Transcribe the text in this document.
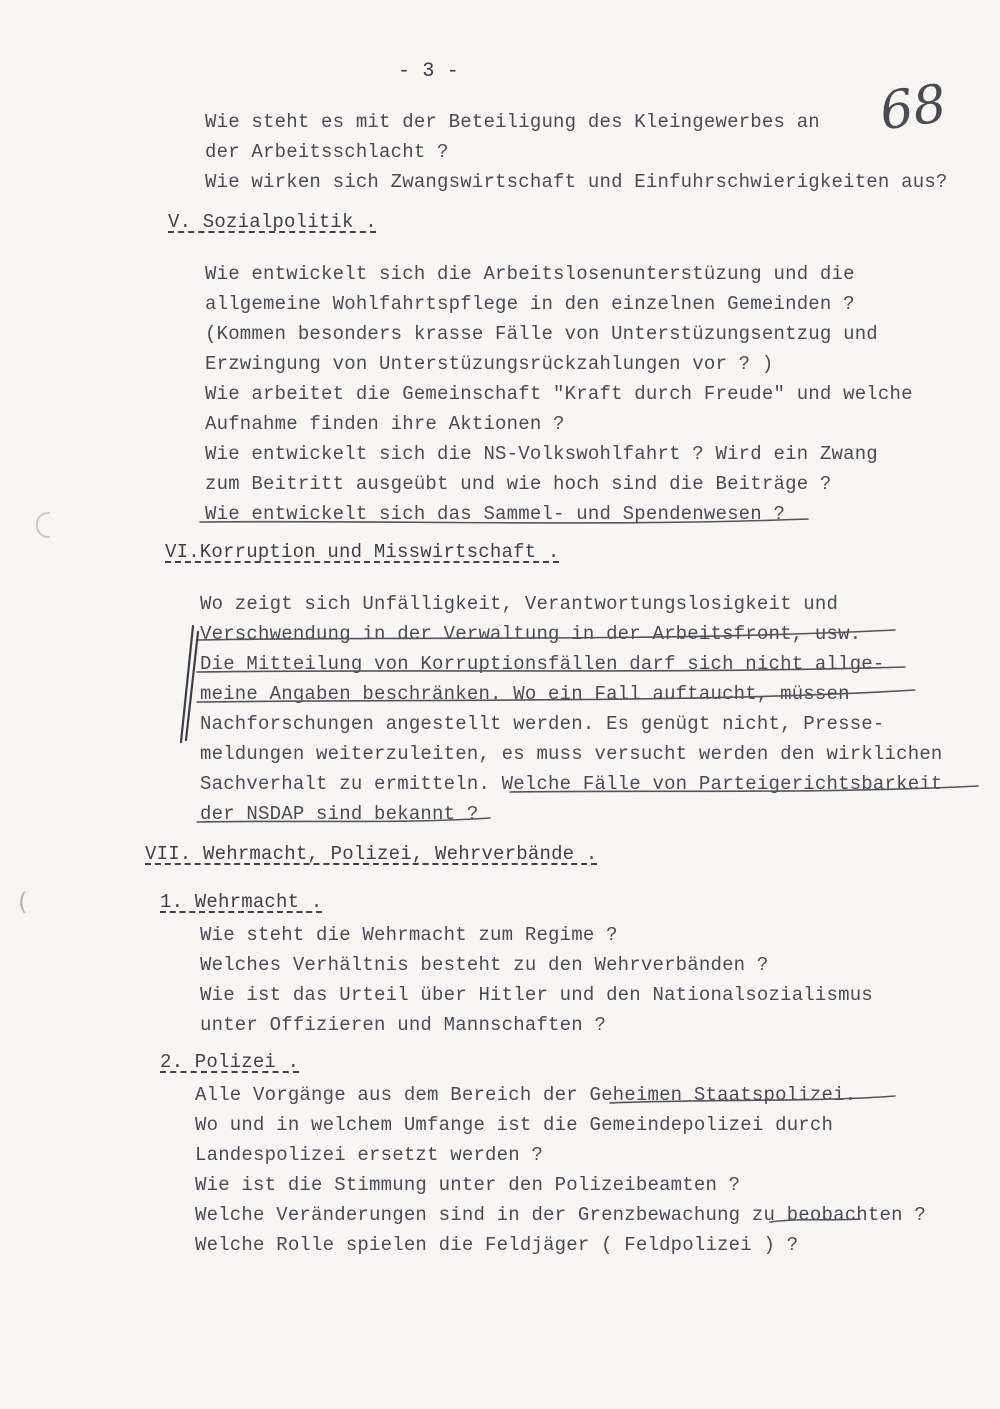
(
- 3 -
68
Wie steht es mit der Beteiligung des Kleingewerbes an
der Arbeitsschlacht ?
Wie wirken sich Zwangswirtschaft und Einfuhrschwierigkeiten aus?
V. Sozialpolitik .
Wie entwickelt sich die Arbeitslosenunterstüzung und die
allgemeine Wohlfahrtspflege in den einzelnen Gemeinden ?
(Kommen besonders krasse Fälle von Unterstüzungsentzug und
Erzwingung von Unterstüzungsrückzahlungen vor ? )
Wie arbeitet die Gemeinschaft "Kraft durch Freude" und welche
Aufnahme finden ihre Aktionen ?
Wie entwickelt sich die NS-Volkswohlfahrt ? Wird ein Zwang
zum Beitritt ausgeübt und wie hoch sind die Beiträge ?
Wie entwickelt sich das Sammel- und Spendenwesen ?
VI.Korruption und Misswirtschaft .
Wo zeigt sich Unfälligkeit, Verantwortungslosigkeit und
Verschwendung in der Verwaltung in der Arbeitsfront, usw.
Die Mitteilung von Korruptionsfällen darf sich nicht allge-
meine Angaben beschränken. Wo ein Fall auftaucht, müssen
Nachforschungen angestellt werden. Es genügt nicht, Presse-
meldungen weiterzuleiten, es muss versucht werden den wirklichen
Sachverhalt zu ermitteln. Welche Fälle von Parteigerichtsbarkeit
der NSDAP sind bekannt ?
VII. Wehrmacht, Polizei, Wehrverbände .
1. Wehrmacht .
Wie steht die Wehrmacht zum Regime ?
Welches Verhältnis besteht zu den Wehrverbänden ?
Wie ist das Urteil über Hitler und den Nationalsozialismus
unter Offizieren und Mannschaften ?
2. Polizei .
Alle Vorgänge aus dem Bereich der Geheimen Staatspolizei.
Wo und in welchem Umfange ist die Gemeindepolizei durch
Landespolizei ersetzt werden ?
Wie ist die Stimmung unter den Polizeibeamten ?
Welche Veränderungen sind in der Grenzbewachung zu beobachten ?
Welche Rolle spielen die Feldjäger ( Feldpolizei ) ?
